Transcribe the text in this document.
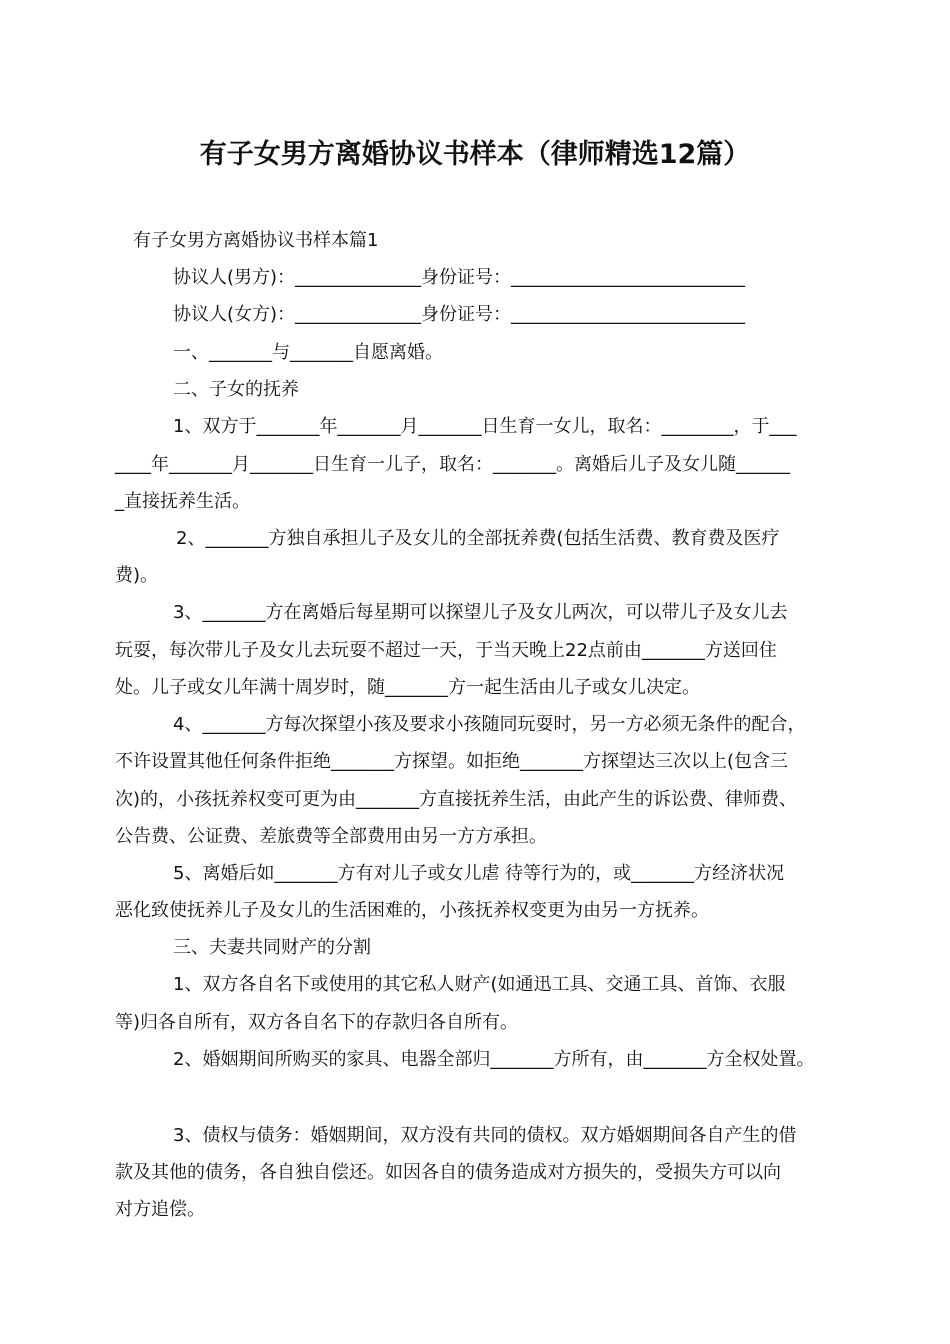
有子女男方离婚协议书样本（律师精选12篇）
有子女男方离婚协议书样本篇1
协议人(男方)：______________身份证号：__________________________
协议人(女方)：______________身份证号：__________________________
一、_______与_______自愿离婚。
二、子女的抚养
1、双方于_______年_______月_______日生育一女儿，取名：________，于___
____年_______月_______日生育一儿子，取名：_______。离婚后儿子及女儿随______
_直接抚养生活。
2、_______方独自承担儿子及女儿的全部抚养费(包括生活费、教育费及医疗
费)。
3、_______方在离婚后每星期可以探望儿子及女儿两次，可以带儿子及女儿去
玩耍，每次带儿子及女儿去玩耍不超过一天，于当天晚上22点前由_______方送回住
处。儿子或女儿年满十周岁时，随_______方一起生活由儿子或女儿决定。
4、_______方每次探望小孩及要求小孩随同玩耍时，另一方必须无条件的配合，
不许设置其他任何条件拒绝_______方探望。如拒绝_______方探望达三次以上(包含三
次)的，小孩抚养权变可更为由_______方直接抚养生活，由此产生的诉讼费、律师费、
公告费、公证费、差旅费等全部费用由另一方方承担。
5、离婚后如_______方有对儿子或女儿虐 待等行为的，或_______方经济状况
恶化致使抚养儿子及女儿的生活困难的，小孩抚养权变更为由另一方抚养。
三、夫妻共同财产的分割
1、双方各自名下或使用的其它私人财产(如通迅工具、交通工具、首饰、衣服
等)归各自所有，双方各自名下的存款归各自所有。
2、婚姻期间所购买的家具、电器全部归_______方所有，由_______方全权处置。
3、债权与债务：婚姻期间，双方没有共同的债权。双方婚姻期间各自产生的借
款及其他的债务，各自独自偿还。如因各自的债务造成对方损失的，受损失方可以向
对方追偿。
